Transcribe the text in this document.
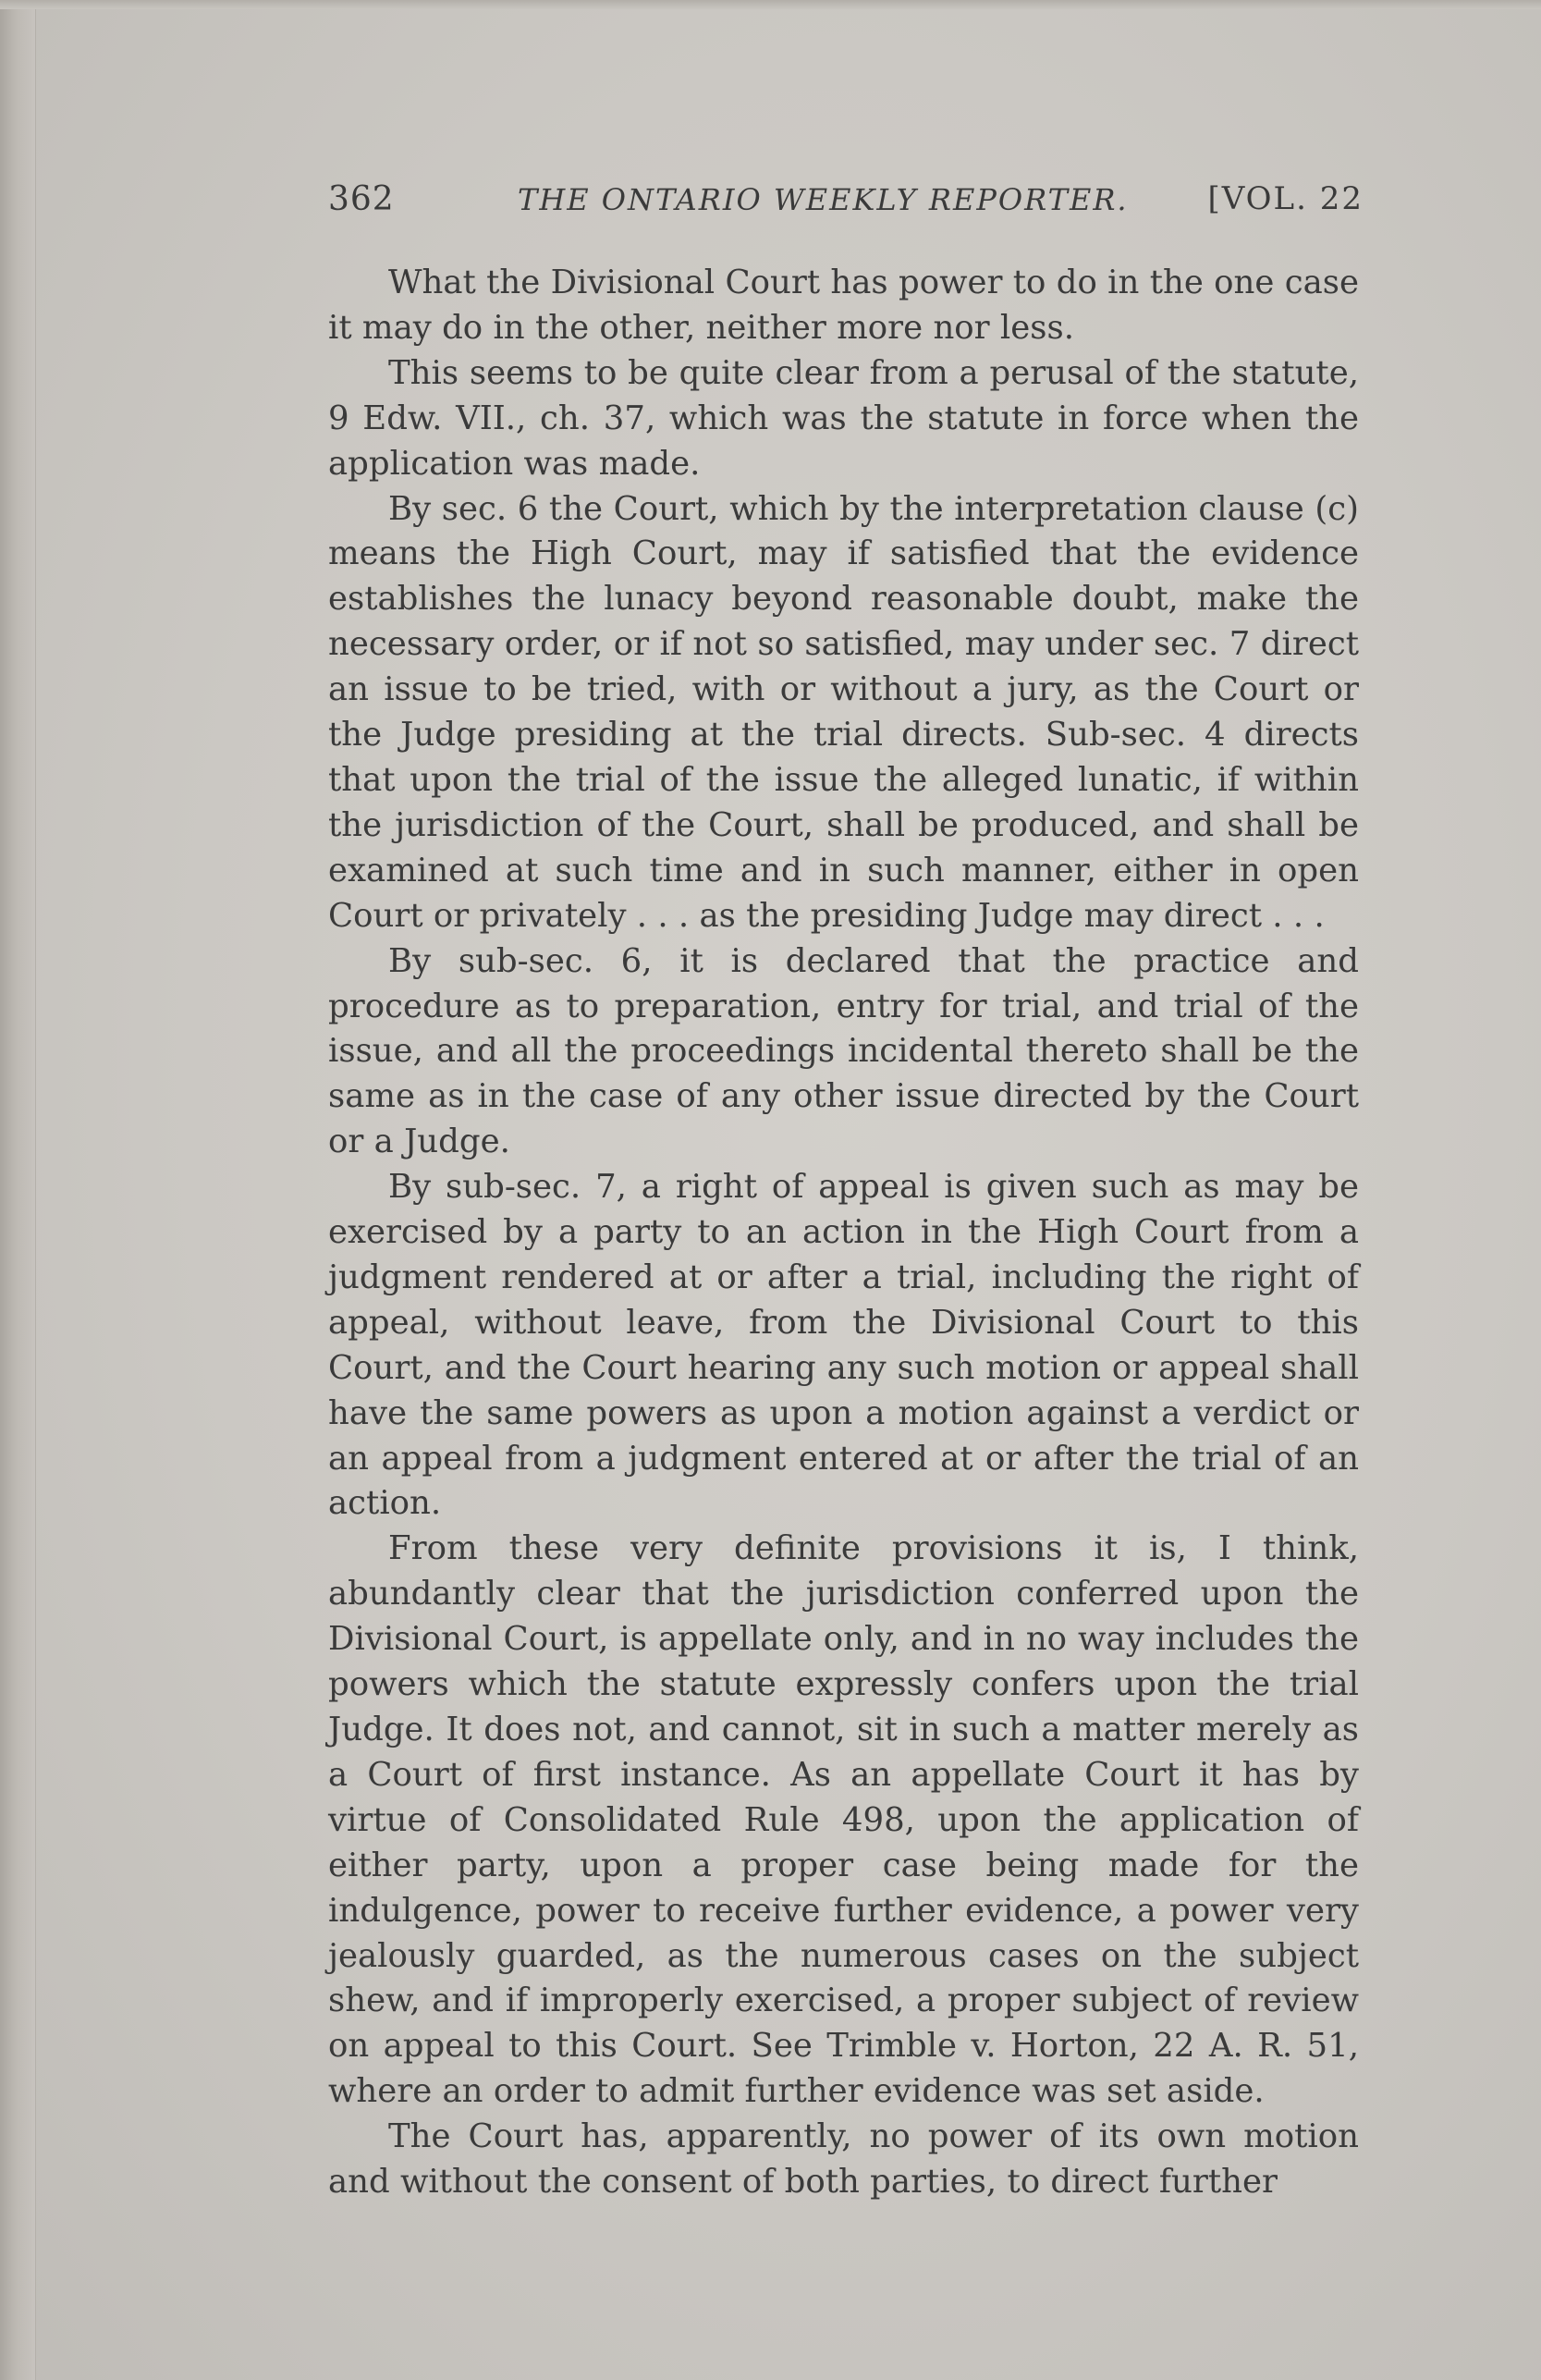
362	THE ONTARIO WEEKLY REPORTER.	[VOL. 22

What the Divisional Court has power to do in the one case it may do in the other, neither more nor less.

This seems to be quite clear from a perusal of the statute, 9 Edw. VII., ch. 37, which was the statute in force when the application was made.

By sec. 6 the Court, which by the interpretation clause (c) means the High Court, may if satisfied that the evidence establishes the lunacy beyond reasonable doubt, make the necessary order, or if not so satisfied, may under sec. 7 direct an issue to be tried, with or without a jury, as the Court or the Judge presiding at the trial directs. Sub-sec. 4 directs that upon the trial of the issue the alleged lunatic, if within the jurisdiction of the Court, shall be produced, and shall be examined at such time and in such manner, either in open Court or privately . . . as the presiding Judge may direct . . .

By sub-sec. 6, it is declared that the practice and procedure as to preparation, entry for trial, and trial of the issue, and all the proceedings incidental thereto shall be the same as in the case of any other issue directed by the Court or a Judge.

By sub-sec. 7, a right of appeal is given such as may be exercised by a party to an action in the High Court from a judgment rendered at or after a trial, including the right of appeal, without leave, from the Divisional Court to this Court, and the Court hearing any such motion or appeal shall have the same powers as upon a motion against a verdict or an appeal from a judgment entered at or after the trial of an action.

From these very definite provisions it is, I think, abundantly clear that the jurisdiction conferred upon the Divisional Court, is appellate only, and in no way includes the powers which the statute expressly confers upon the trial Judge. It does not, and cannot, sit in such a matter merely as a Court of first instance. As an appellate Court it has by virtue of Consolidated Rule 498, upon the application of either party, upon a proper case being made for the indulgence, power to receive further evidence, a power very jealously guarded, as the numerous cases on the subject shew, and if improperly exercised, a proper subject of review on appeal to this Court. See Trimble v. Horton, 22 A. R. 51, where an order to admit further evidence was set aside.

The Court has, apparently, no power of its own motion and without the consent of both parties, to direct further
